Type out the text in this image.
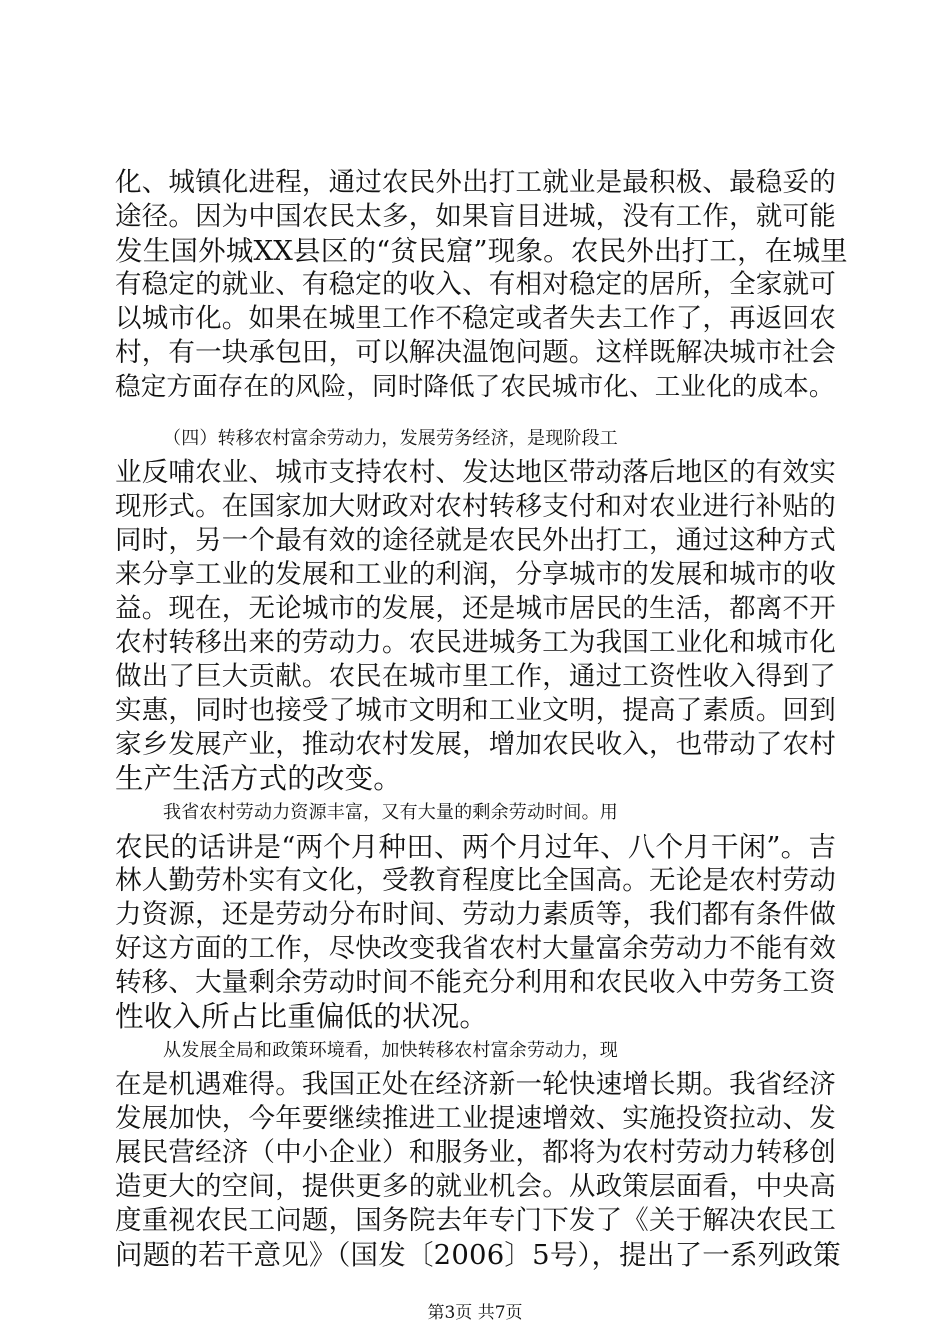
化、城镇化进程，通过农民外出打工就业是最积极、最稳妥的
途径。因为中国农民太多，如果盲目进城，没有工作，就可能
发生国外城XX县区的“贫民窟”现象。农民外出打工，在城里
有稳定的就业、有稳定的收入、有相对稳定的居所，全家就可
以城市化。如果在城里工作不稳定或者失去工作了，再返回农
村，有一块承包田，可以解决温饱问题。这样既解决城市社会
稳定方面存在的风险，同时降低了农民城市化、工业化的成本。
（四）转移农村富余劳动力，发展劳务经济，是现阶段工
业反哺农业、城市支持农村、发达地区带动落后地区的有效实
现形式。在国家加大财政对农村转移支付和对农业进行补贴的
同时，另一个最有效的途径就是农民外出打工，通过这种方式
来分享工业的发展和工业的利润，分享城市的发展和城市的收
益。现在，无论城市的发展，还是城市居民的生活，都离不开
农村转移出来的劳动力。农民进城务工为我国工业化和城市化
做出了巨大贡献。农民在城市里工作，通过工资性收入得到了
实惠，同时也接受了城市文明和工业文明，提高了素质。回到
家乡发展产业，推动农村发展，增加农民收入，也带动了农村
生产生活方式的改变。
我省农村劳动力资源丰富，又有大量的剩余劳动时间。用
农民的话讲是“两个月种田、两个月过年、八个月干闲”。吉
林人勤劳朴实有文化，受教育程度比全国高。无论是农村劳动
力资源，还是劳动分布时间、劳动力素质等，我们都有条件做
好这方面的工作，尽快改变我省农村大量富余劳动力不能有效
转移、大量剩余劳动时间不能充分利用和农民收入中劳务工资
性收入所占比重偏低的状况。
从发展全局和政策环境看，加快转移农村富余劳动力，现
在是机遇难得。我国正处在经济新一轮快速增长期。我省经济
发展加快，今年要继续推进工业提速增效、实施投资拉动、发
展民营经济（中小企业）和服务业，都将为农村劳动力转移创
造更大的空间，提供更多的就业机会。从政策层面看，中央高
度重视农民工问题，国务院去年专门下发了《关于解决农民工
问题的若干意见》（国发〔2006〕5号），提出了一系列政策
第3页 共7页
